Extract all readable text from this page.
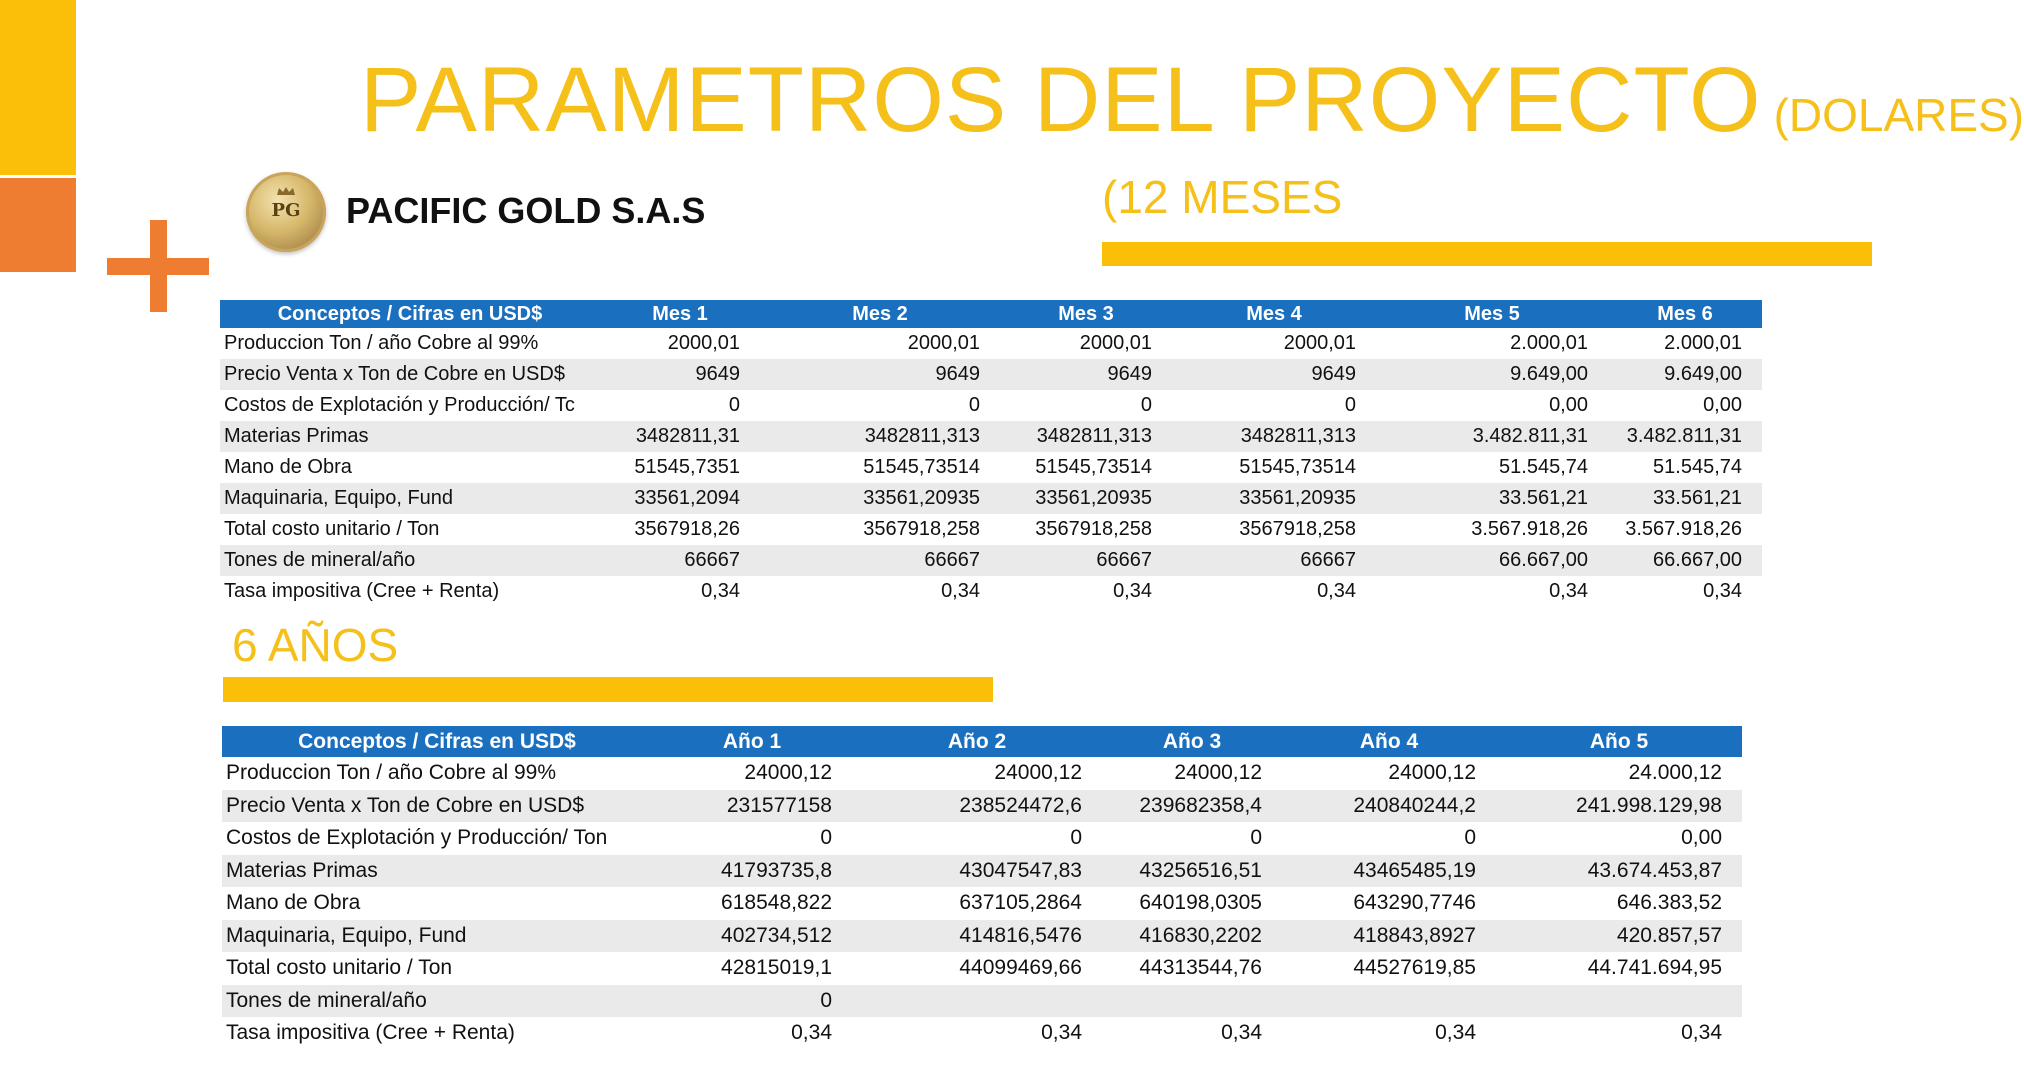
PARAMETROS DEL PROYECTO (DOLARES)
PG	PACIFIC GOLD S.A.S	(12 MESES
Conceptos / Cifras en USD$	Mes 1	Mes 2	Mes 3	Mes 4	Mes 5	Mes 6
Produccion Ton / año Cobre al 99%	2000,01	2000,01	2000,01	2000,01	2.000,01	2.000,01
Precio Venta x Ton de Cobre en USD$	9649	9649	9649	9649	9.649,00	9.649,00
Costos de Explotación y Producción/ Tc	0	0	0	0	0,00	0,00
Materias Primas	3482811,31	3482811,313	3482811,313	3482811,313	3.482.811,31	3.482.811,31
Mano de Obra	51545,7351	51545,73514	51545,73514	51545,73514	51.545,74	51.545,74
Maquinaria, Equipo, Fund	33561,2094	33561,20935	33561,20935	33561,20935	33.561,21	33.561,21
Total costo unitario / Ton	3567918,26	3567918,258	3567918,258	3567918,258	3.567.918,26	3.567.918,26
Tones de mineral/año	66667	66667	66667	66667	66.667,00	66.667,00
Tasa impositiva (Cree + Renta)	0,34	0,34	0,34	0,34	0,34	0,34
6 AÑOS
Conceptos / Cifras en USD$	Año 1	Año 2	Año 3	Año 4	Año 5
Produccion Ton / año Cobre al 99%	24000,12	24000,12	24000,12	24000,12	24.000,12
Precio Venta x Ton de Cobre en USD$	231577158	238524472,6	239682358,4	240840244,2	241.998.129,98
Costos de Explotación y Producción/ Ton	0	0	0	0	0,00
Materias Primas	41793735,8	43047547,83	43256516,51	43465485,19	43.674.453,87
Mano de Obra	618548,822	637105,2864	640198,0305	643290,7746	646.383,52
Maquinaria, Equipo, Fund	402734,512	414816,5476	416830,2202	418843,8927	420.857,57
Total costo unitario / Ton	42815019,1	44099469,66	44313544,76	44527619,85	44.741.694,95
Tones de mineral/año	0				
Tasa impositiva (Cree + Renta)	0,34	0,34	0,34	0,34	0,34
